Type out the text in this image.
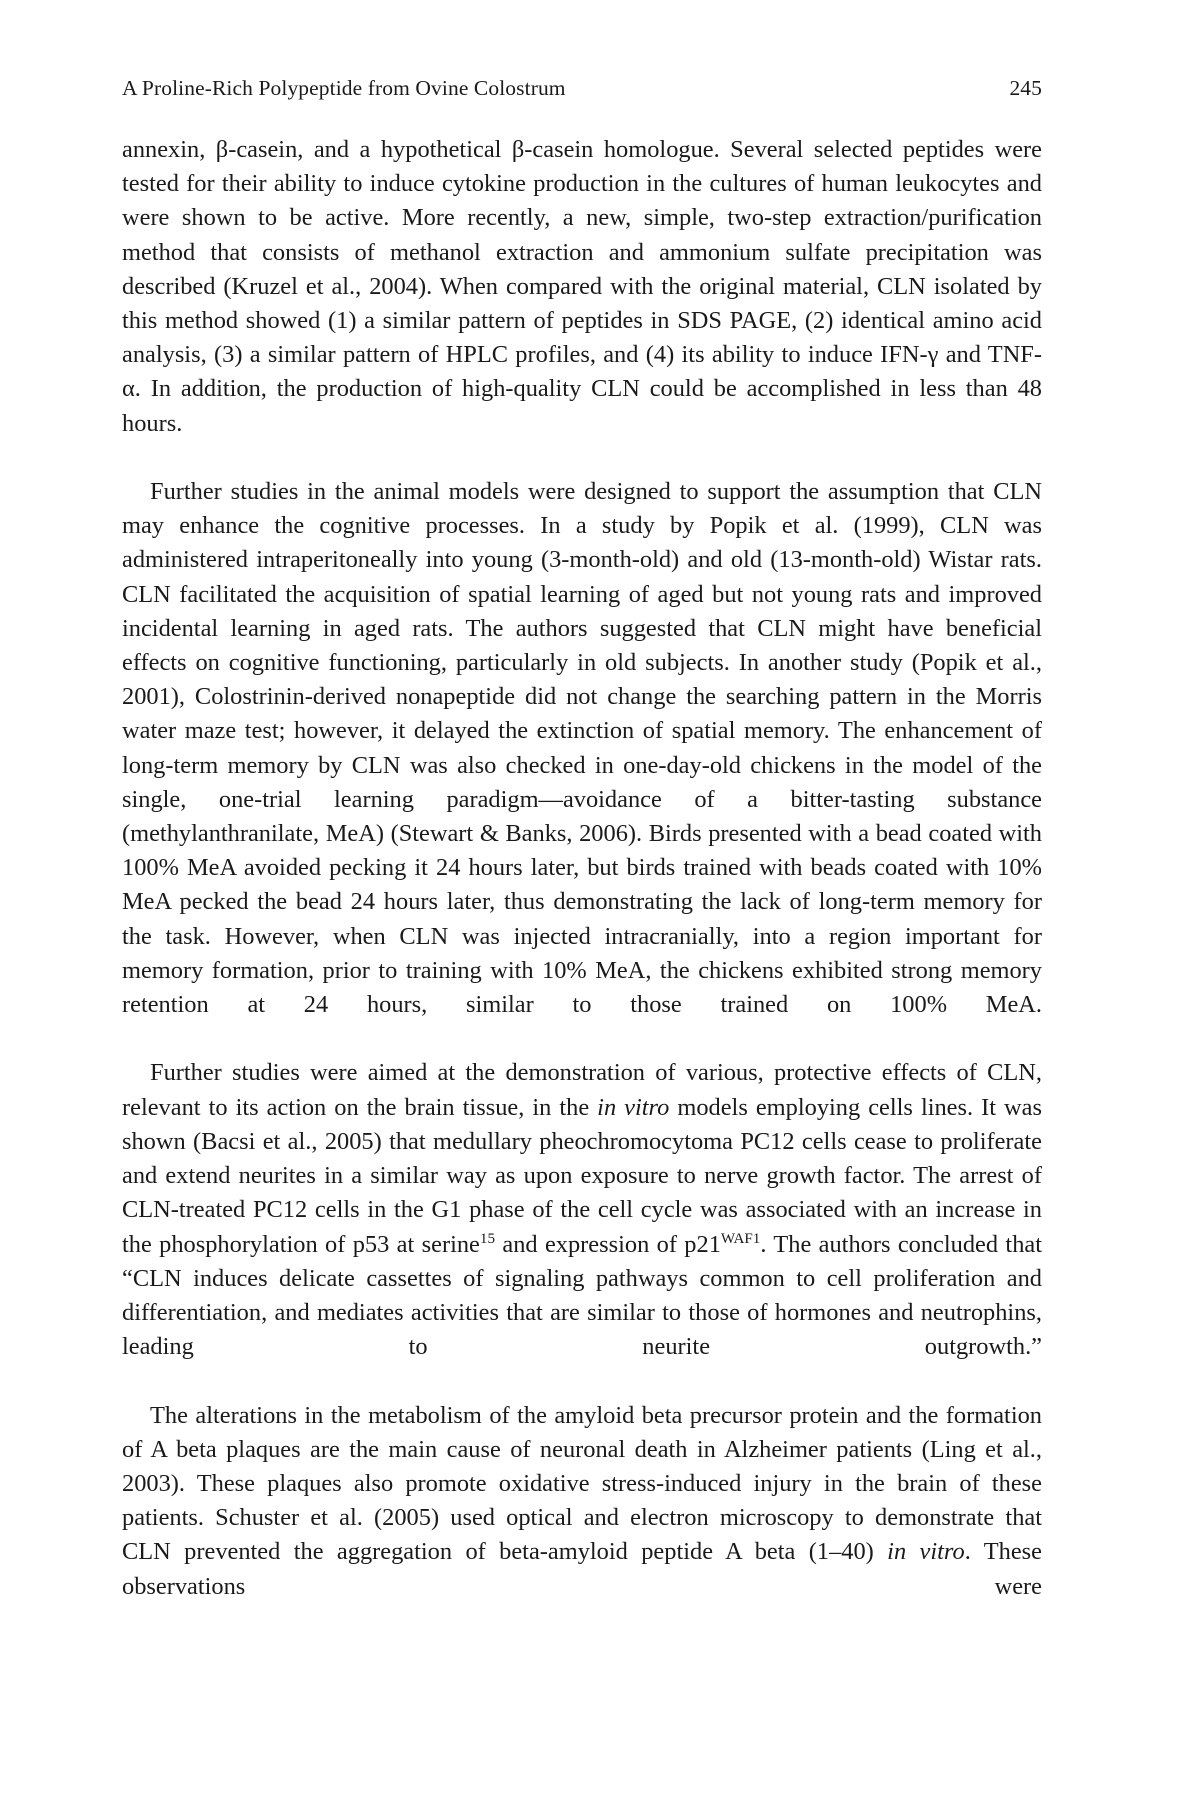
A Proline-Rich Polypeptide from Ovine Colostrum	245

annexin, β-casein, and a hypothetical β-casein homologue. Several selected peptides were tested for their ability to induce cytokine production in the cultures of human leukocytes and were shown to be active. More recently, a new, simple, two-step extraction/purification method that consists of methanol extraction and ammonium sulfate precipitation was described (Kruzel et al., 2004). When compared with the original material, CLN isolated by this method showed (1) a similar pattern of peptides in SDS PAGE, (2) identical amino acid analysis, (3) a similar pattern of HPLC profiles, and (4) its ability to induce IFN-γ and TNF-α. In addition, the production of high-quality CLN could be accomplished in less than 48 hours.

Further studies in the animal models were designed to support the assumption that CLN may enhance the cognitive processes. In a study by Popik et al. (1999), CLN was administered intraperitoneally into young (3-month-old) and old (13-month-old) Wistar rats. CLN facilitated the acquisition of spatial learning of aged but not young rats and improved incidental learning in aged rats. The authors suggested that CLN might have beneficial effects on cognitive functioning, particularly in old subjects. In another study (Popik et al., 2001), Colostrinin-derived nonapeptide did not change the searching pattern in the Morris water maze test; however, it delayed the extinction of spatial memory. The enhancement of long-term memory by CLN was also checked in one-day-old chickens in the model of the single, one-trial learning paradigm—avoidance of a bitter-tasting substance (methylanthranilate, MeA) (Stewart & Banks, 2006). Birds presented with a bead coated with 100% MeA avoided pecking it 24 hours later, but birds trained with beads coated with 10% MeA pecked the bead 24 hours later, thus demonstrating the lack of long-term memory for the task. However, when CLN was injected intracranially, into a region important for memory formation, prior to training with 10% MeA, the chickens exhibited strong memory retention at 24 hours, similar to those trained on 100% MeA.

Further studies were aimed at the demonstration of various, protective effects of CLN, relevant to its action on the brain tissue, in the in vitro models employing cells lines. It was shown (Bacsi et al., 2005) that medullary pheochromocytoma PC12 cells cease to proliferate and extend neurites in a similar way as upon exposure to nerve growth factor. The arrest of CLN-treated PC12 cells in the G1 phase of the cell cycle was associated with an increase in the phosphorylation of p53 at serine$^{15}$ and expression of $p21^{WAF1}$. The authors concluded that “CLN induces delicate cassettes of signaling pathways common to cell proliferation and differentiation, and mediates activities that are similar to those of hormones and neutrophins, leading to neurite outgrowth.”

The alterations in the metabolism of the amyloid beta precursor protein and the formation of A beta plaques are the main cause of neuronal death in Alzheimer patients (Ling et al., 2003). These plaques also promote oxidative stress-induced injury in the brain of these patients. Schuster et al. (2005) used optical and electron microscopy to demonstrate that CLN prevented the aggregation of beta-amyloid peptide A beta (1–40) in vitro. These observations were
